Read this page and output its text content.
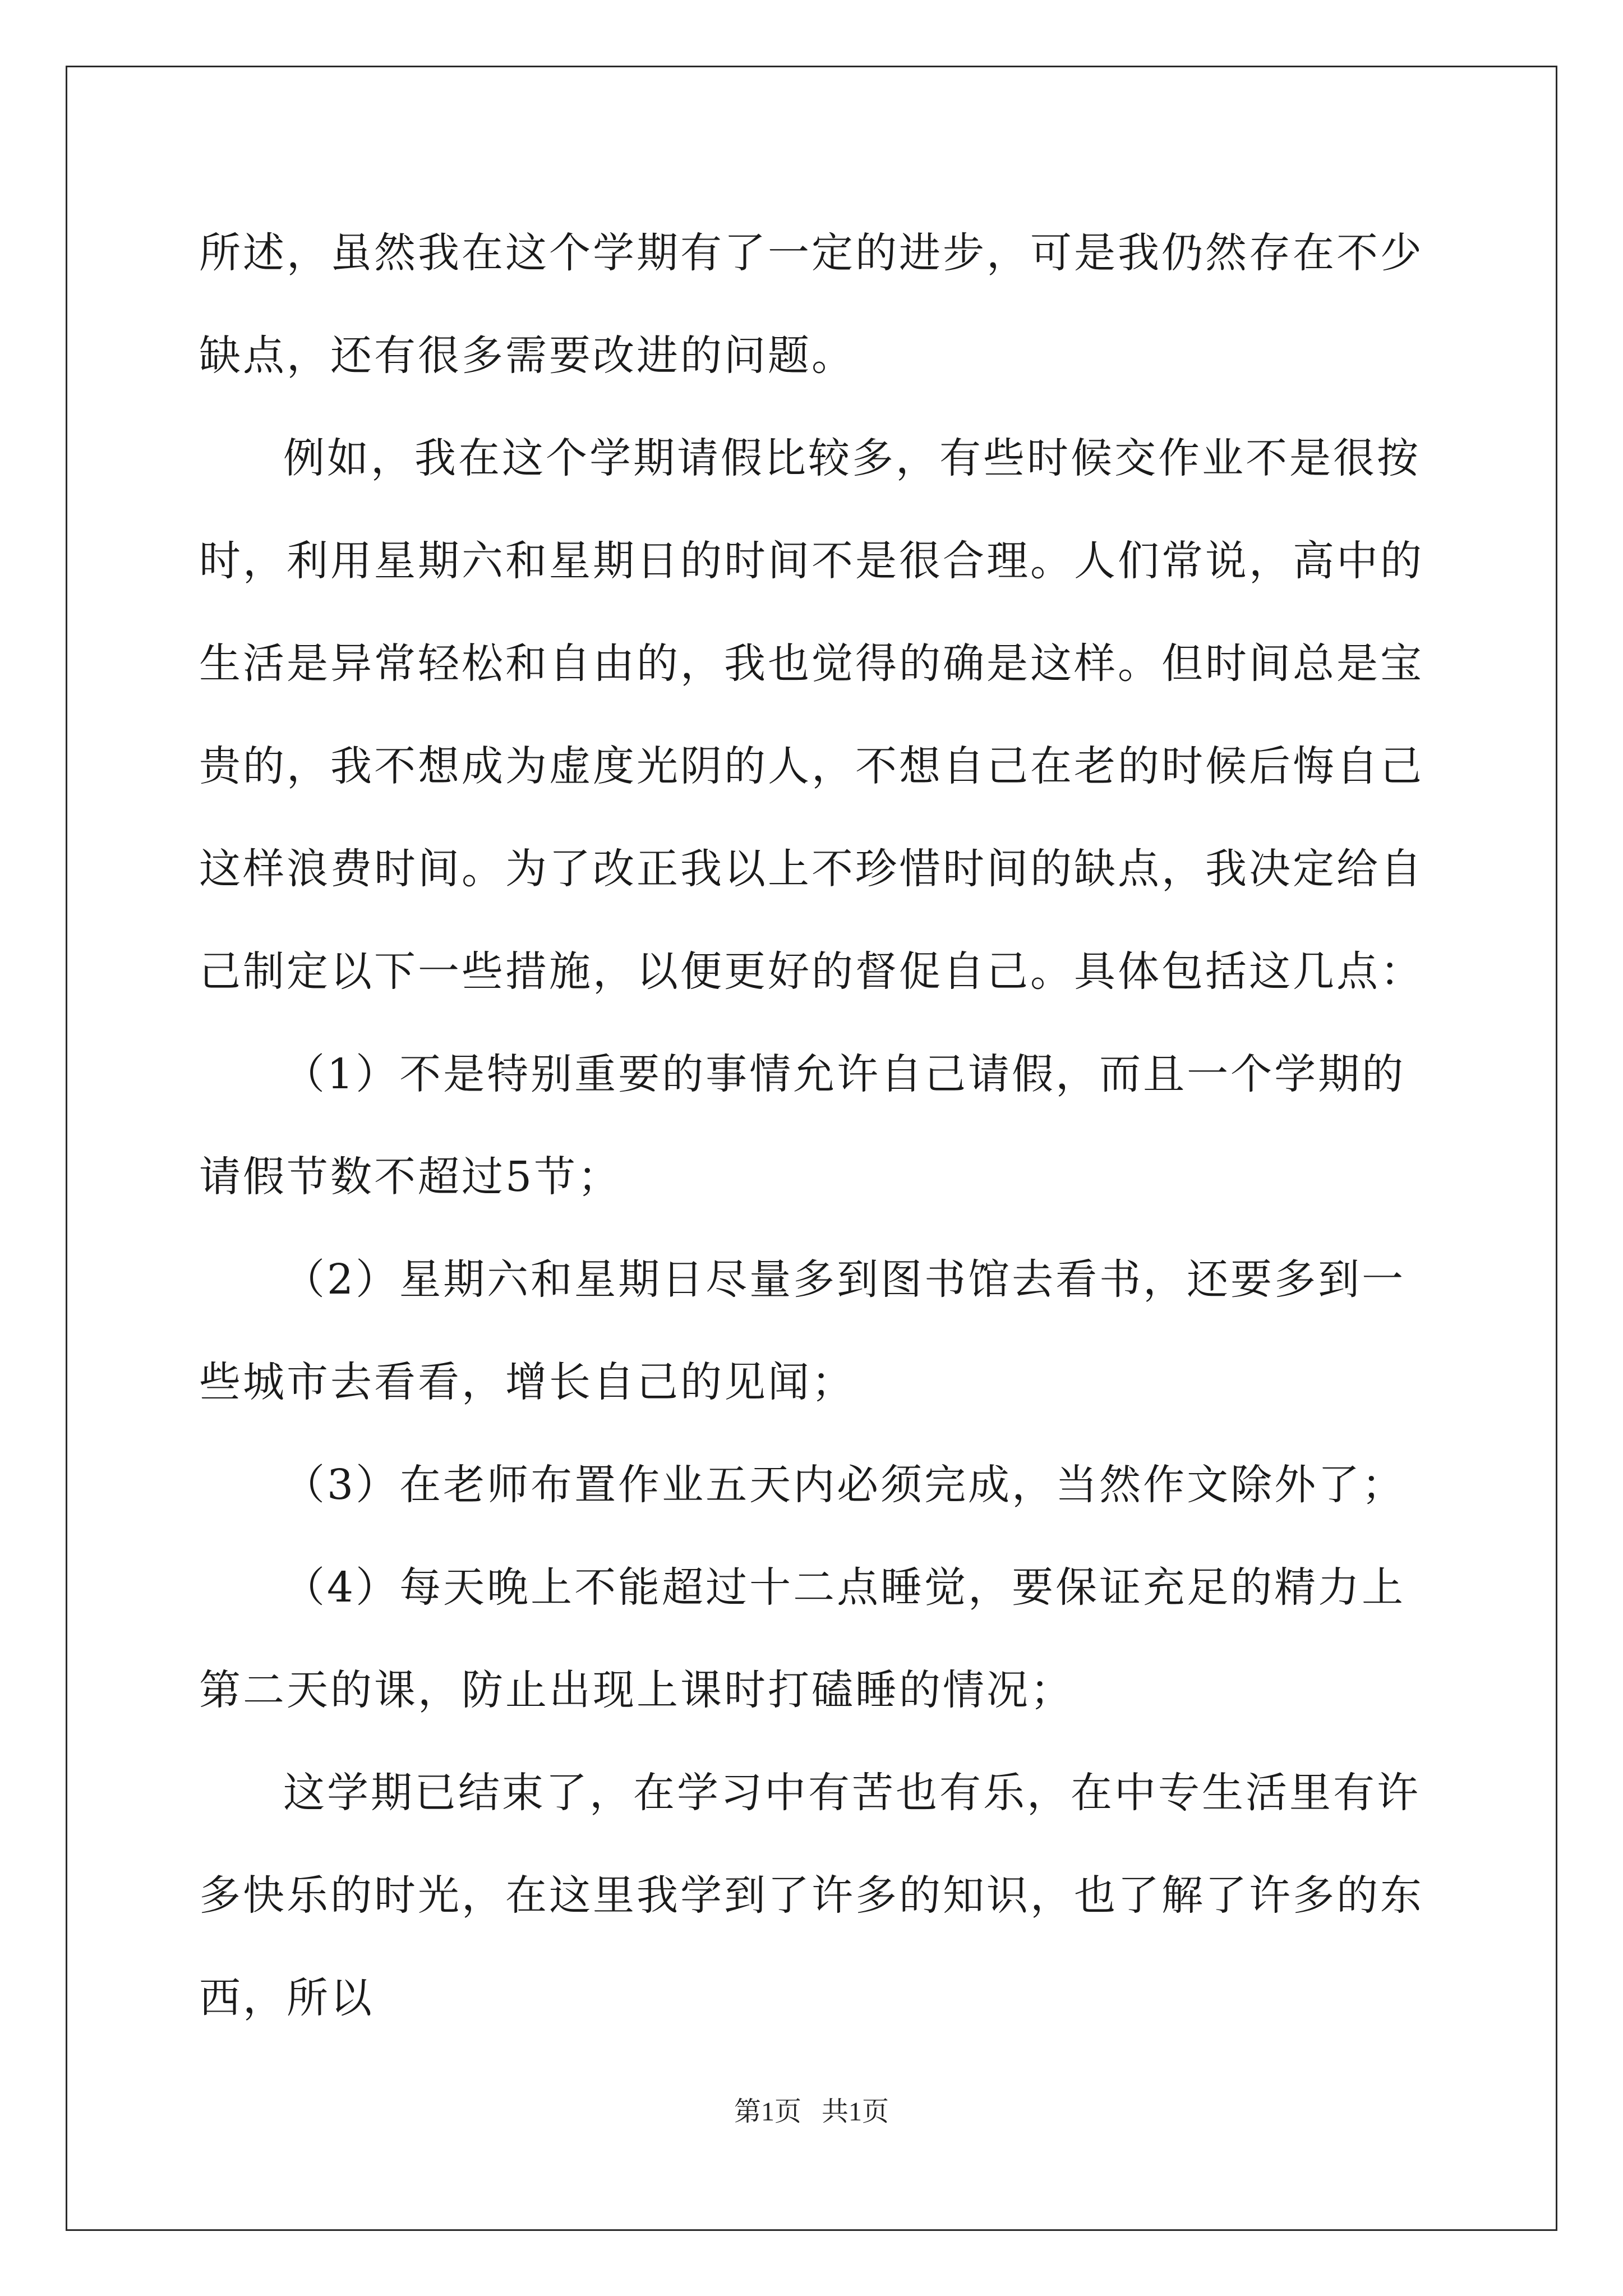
所述，虽然我在这个学期有了一定的进步，可是我仍然存在不少缺点，还有很多需要改进的问题。

例如，我在这个学期请假比较多，有些时候交作业不是很按时，利用星期六和星期日的时间不是很合理。人们常说，高中的生活是异常轻松和自由的，我也觉得的确是这样。但时间总是宝贵的，我不想成为虚度光阴的人，不想自己在老的时候后悔自己这样浪费时间。为了改正我以上不珍惜时间的缺点，我决定给自己制定以下一些措施，以便更好的督促自己。具体包括这几点：

（1）不是特别重要的事情允许自己请假，而且一个学期的请假节数不超过5节；

（2）星期六和星期日尽量多到图书馆去看书，还要多到一些城市去看看，增长自己的见闻；

（3）在老师布置作业五天内必须完成，当然作文除外了；

（4）每天晚上不能超过十二点睡觉，要保证充足的精力上第二天的课，防止出现上课时打磕睡的情况；

这学期已结束了，在学习中有苦也有乐，在中专生活里有许多快乐的时光，在这里我学到了许多的知识，也了解了许多的东西，所以

第1页 共1页
